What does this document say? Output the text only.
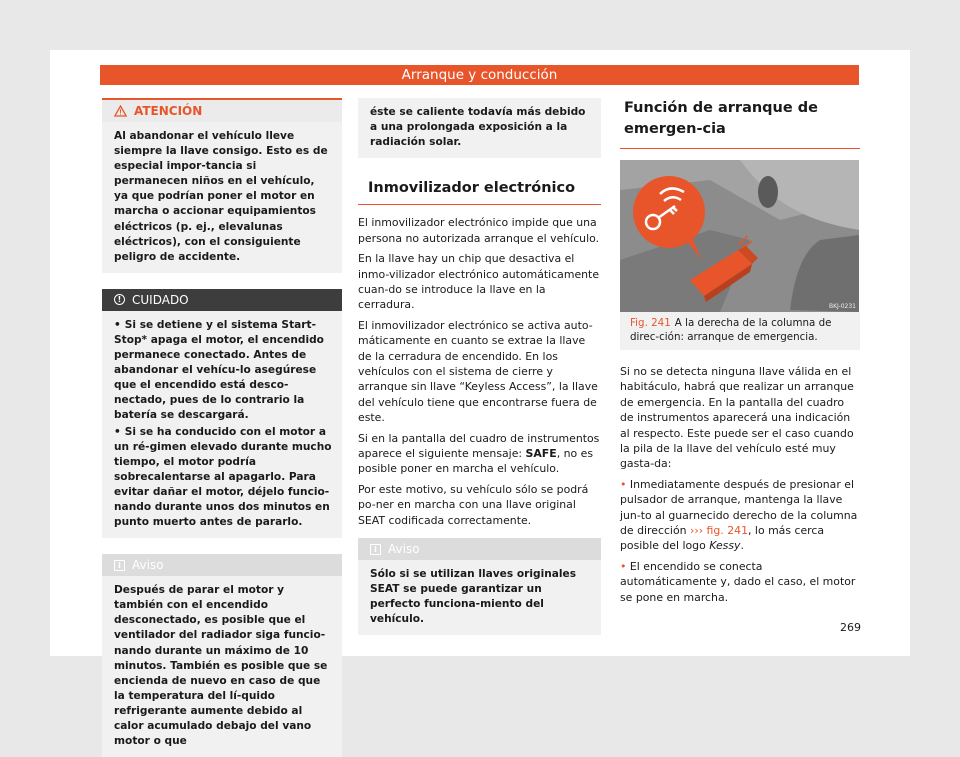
Arranque y conducción
ATENCIÓN

Al abandonar el vehículo lleve siempre la llave consigo. Esto es de especial impor-tancia si permanecen niños en el vehículo, ya que podrían poner el motor en marcha o accionar equipamientos eléctricos (p. ej., elevalunas eléctricos), con el consiguiente peligro de accidente.

! CUIDADO

• Si se detiene y el sistema Start-Stop* apaga el motor, el encendido permanece conectado. Antes de abandonar el vehícu-lo asegúrese que el encendido está desco-nectado, pues de lo contrario la batería se descargará.

• Si se ha conducido con el motor a un ré-gimen elevado durante mucho tiempo, el motor podría sobrecalentarse al apagarlo. Para evitar dañar el motor, déjelo funcio-nando durante unos dos minutos en punto muerto antes de pararlo.

i Aviso

Después de parar el motor y también con el encendido desconectado, es posible que el ventilador del radiador siga funcio-nando durante un máximo de 10 minutos. También es posible que se encienda de nuevo en caso de que la temperatura del lí-quido refrigerante aumente debido al calor acumulado debajo del vano motor o que

éste se caliente todavía más debido a una prolongada exposición a la radiación solar.

Inmovilizador electrónico

El inmovilizador electrónico impide que una persona no autorizada arranque el vehículo.

En la llave hay un chip que desactiva el inmo-vilizador electrónico automáticamente cuan-do se introduce la llave en la cerradura.

El inmovilizador electrónico se activa auto-máticamente en cuanto se extrae la llave de la cerradura de encendido. En los vehículos con el sistema de cierre y arranque sin llave “Keyless Access”, la llave del vehículo tiene que encontrarse fuera de este.

Si en la pantalla del cuadro de instrumentos aparece el siguiente mensaje: SAFE, no es posible poner en marcha el vehículo.

Por este motivo, su vehículo sólo se podrá po-ner en marcha con una llave original SEAT codificada correctamente.

i Aviso

Sólo si se utilizan llaves originales SEAT se puede garantizar un perfecto funciona-miento del vehículo.

Función de arranque de emergen-cia
BKJ-0231
Fig. 241 A la derecha de la columna de direc-ción: arranque de emergencia.

Si no se detecta ninguna llave válida en el habitáculo, habrá que realizar un arranque de emergencia. En la pantalla del cuadro de instrumentos aparecerá una indicación al respecto. Este puede ser el caso cuando la pila de la llave del vehículo esté muy gasta-da:

• Inmediatamente después de presionar el pulsador de arranque, mantenga la llave jun-to al guarnecido derecho de la columna de dirección ››› fig. 241, lo más cerca posible del logo Kessy.

• El encendido se conecta automáticamente y, dado el caso, el motor se pone en marcha.

269
